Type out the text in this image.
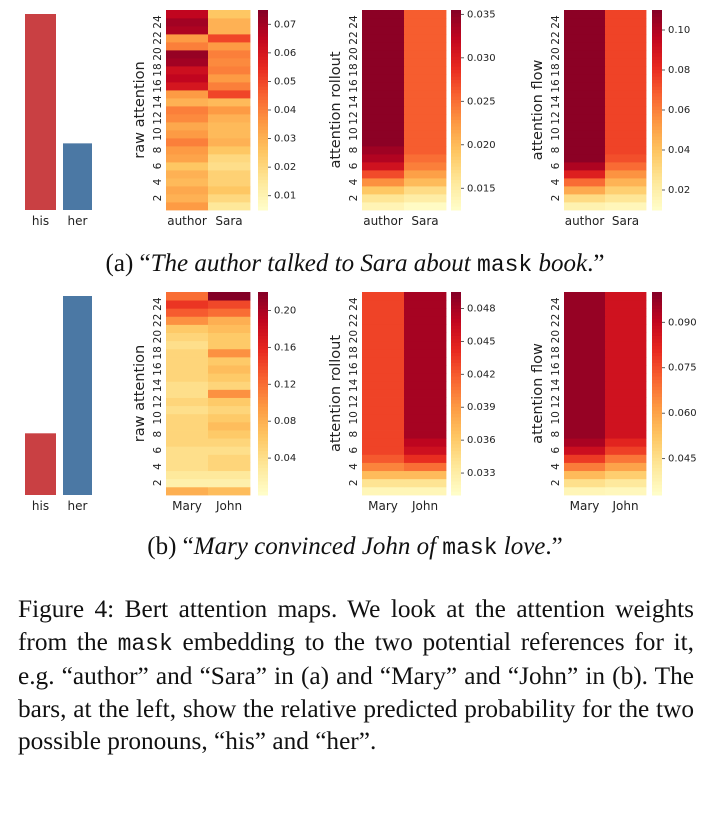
his her
2
4
6
8
10
12
14
16
18
20
22
24
raw attention
author Sara
0.01
0.02
0.03
0.04
0.05
0.06
0.07
2
4
6
8
10
12
14
16
18
20
22
24
attention rollout
author Sara
0.015
0.020
0.025
0.030
0.035
2
4
6
8
10
12
14
16
18
20
22
24
attention flow
author Sara
0.02
0.04
0.06
0.08
0.10
his her
2
4
6
8
10
12
14
16
18
20
22
24
raw attention
Mary John
0.04
0.08
0.12
0.16
0.20
2
4
6
8
10
12
14
16
18
20
22
24
attention rollout
Mary John
0.033
0.036
0.039
0.042
0.045
0.048
2
4
6
8
10
12
14
16
18
20
22
24
attention flow
Mary John
0.045
0.060
0.075
0.090
(a) “The author talked to Sara about mask book.”
(b) “Mary convinced John of mask love.”
Figure 4: Bert attention maps. We look at the attention weights from the mask embedding to the two potential references for it, e.g. “author” and “Sara” in (a) and “Mary” and “John” in (b). The bars, at the left, show the relative predicted probability for the two possible pronouns, “his” and “her”.
